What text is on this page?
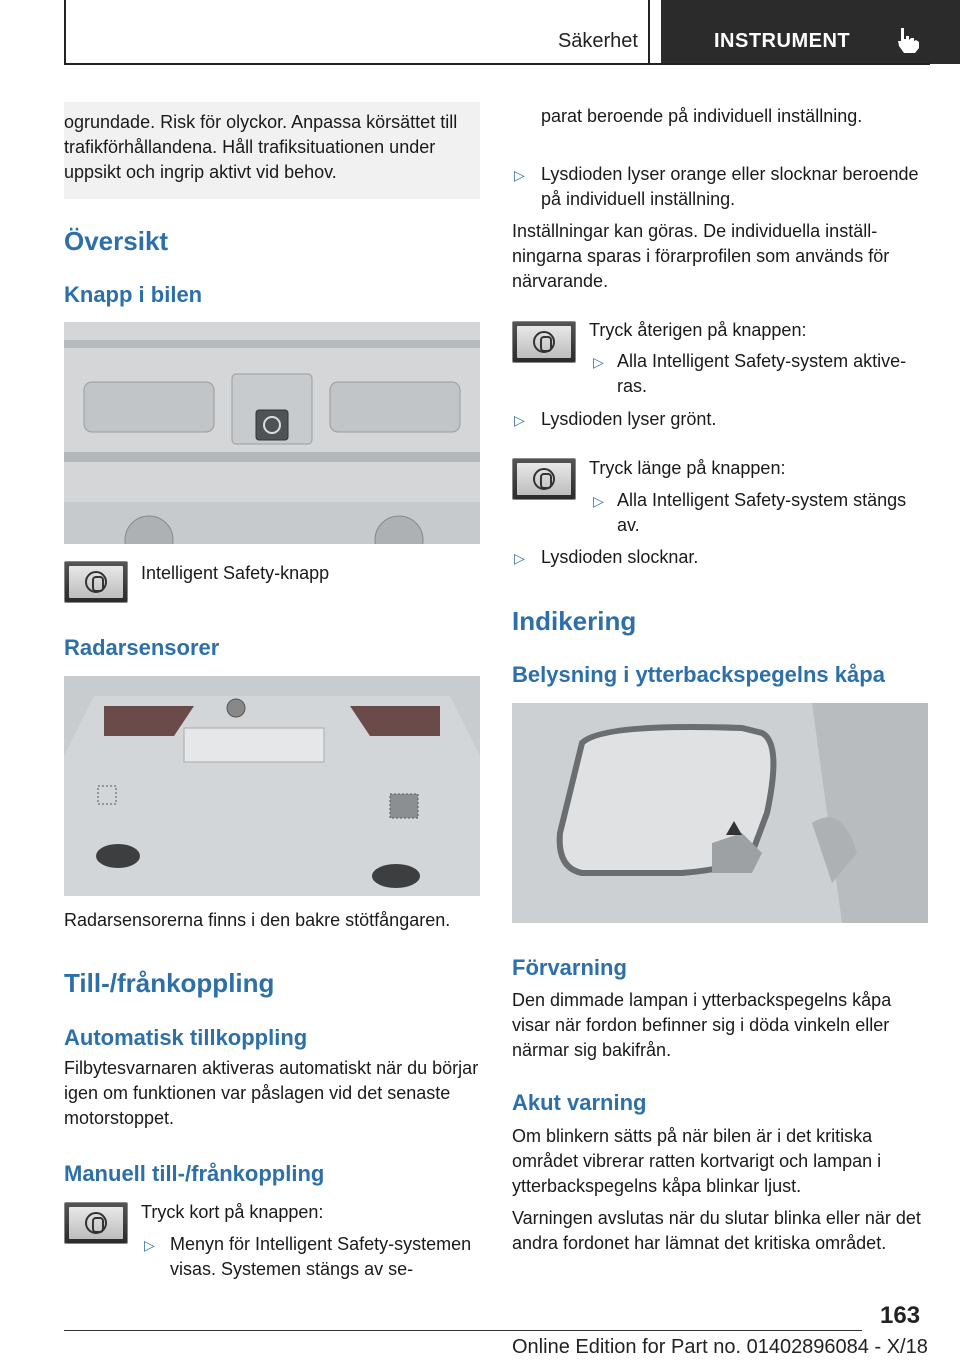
Säkerhet	INSTRUMENT

ogrundade. Risk för olyckor. Anpassa körsättet till trafikförhållandena. Håll trafiksituationen under uppsikt och ingrip aktivt vid behov.

Översikt
Knapp i bilen
Intelligent Safety-knapp
Radarsensorer
Radarsensorerna finns i den bakre stötfångaren.
Till-/frånkoppling
Automatisk tillkoppling
Filbytesvarnaren aktiveras automatiskt när du börjar igen om funktionen var påslagen vid det senaste motorstoppet.
Manuell till-/frånkoppling
Tryck kort på knappen:
▷ Menyn för Intelligent Safety-systemen visas. Systemen stängs av se-
parat beroende på individuell inställning.
▷ Lysdioden lyser orange eller slocknar beroende på individuell inställning.
Inställningar kan göras. De individuella inställningarna sparas i förarprofilen som används för närvarande.
Tryck återigen på knappen:
▷ Alla Intelligent Safety-system aktiveras.
▷ Lysdioden lyser grönt.
Tryck länge på knappen:
▷ Alla Intelligent Safety-system stängs av.
▷ Lysdioden slocknar.
Indikering
Belysning i ytterbackspegelns kåpa
Förvarning
Den dimmade lampan i ytterbackspegelns kåpa visar när fordon befinner sig i döda vinkeln eller närmar sig bakifrån.
Akut varning
Om blinkern sätts på när bilen är i det kritiska området vibrerar ratten kortvarigt och lampan i ytterbackspegelns kåpa blinkar ljust.
Varningen avslutas när du slutar blinka eller när det andra fordonet har lämnat det kritiska området.
163
Online Edition for Part no. 01402896084 - X/18
